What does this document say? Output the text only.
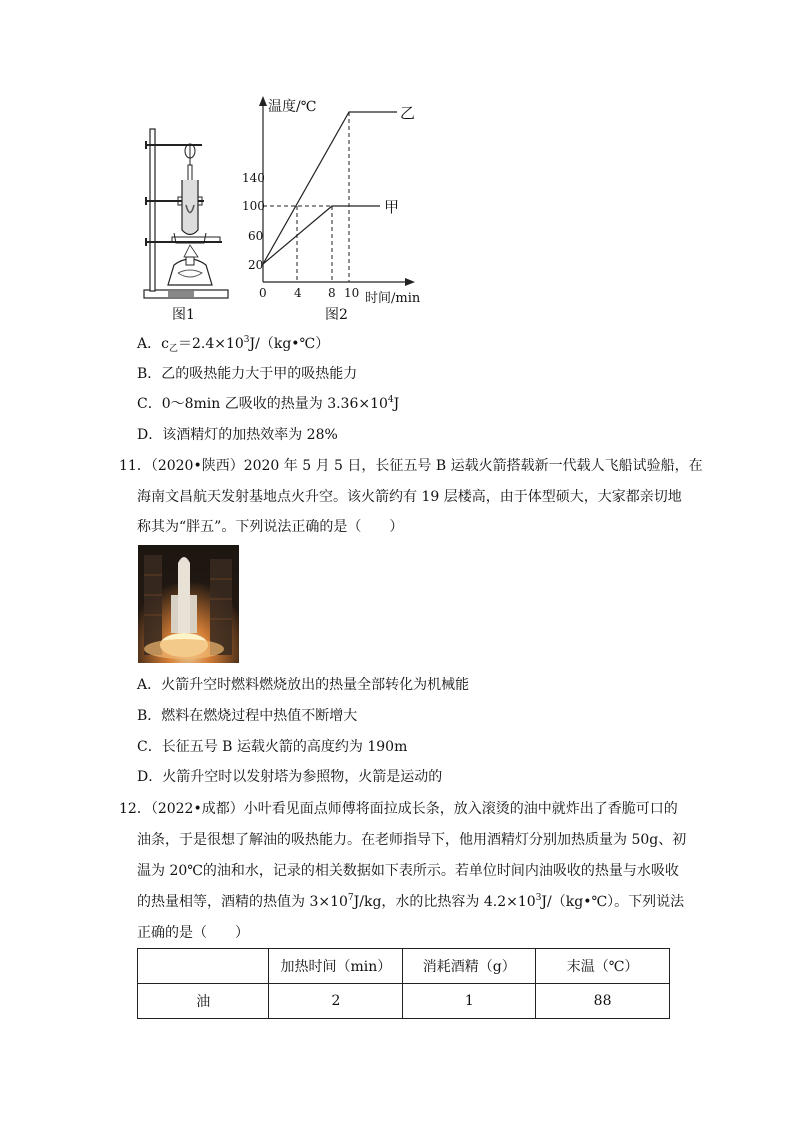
图1
温度/℃	乙
甲
140
100
60
20
0 4 8 10 时间/min
图2
A．$c_乙=2.4\times 10^3J/(kg•℃)$
B．乙的吸热能力大于甲的吸热能力
C．0～8min 乙吸收的热量为 $3.36\times 10^4J$
D．该酒精灯的加热效率为 28%
11．（2020•陕西）2020 年 5 月 5 日，长征五号 B 运载火箭搭载新一代载人飞船试验船，在
海南文昌航天发射基地点火升空。该火箭约有 19 层楼高，由于体型硕大，大家都亲切地
称其为“胖五”。下列说法正确的是（　　）
A．火箭升空时燃料燃烧放出的热量全部转化为机械能
B．燃料在燃烧过程中热值不断增大
C．长征五号 B 运载火箭的高度约为 190m
D．火箭升空时以发射塔为参照物，火箭是运动的
12．（2022•成都）小叶看见面点师傅将面拉成长条，放入滚烫的油中就炸出了香脆可口的
油条，于是很想了解油的吸热能力。在老师指导下，他用酒精灯分别加热质量为 50g、初
温为 20℃的油和水，记录的相关数据如下表所示。若单位时间内油吸收的热量与水吸收
的热量相等，酒精的热值为 $3\times 10^7J/kg$，水的比热容为 $4.2\times 10^3J/(kg•℃)$。下列说法
正确的是（　　）
	加热时间（min）	消耗酒精（g）	末温（℃）
油	2	1	88
